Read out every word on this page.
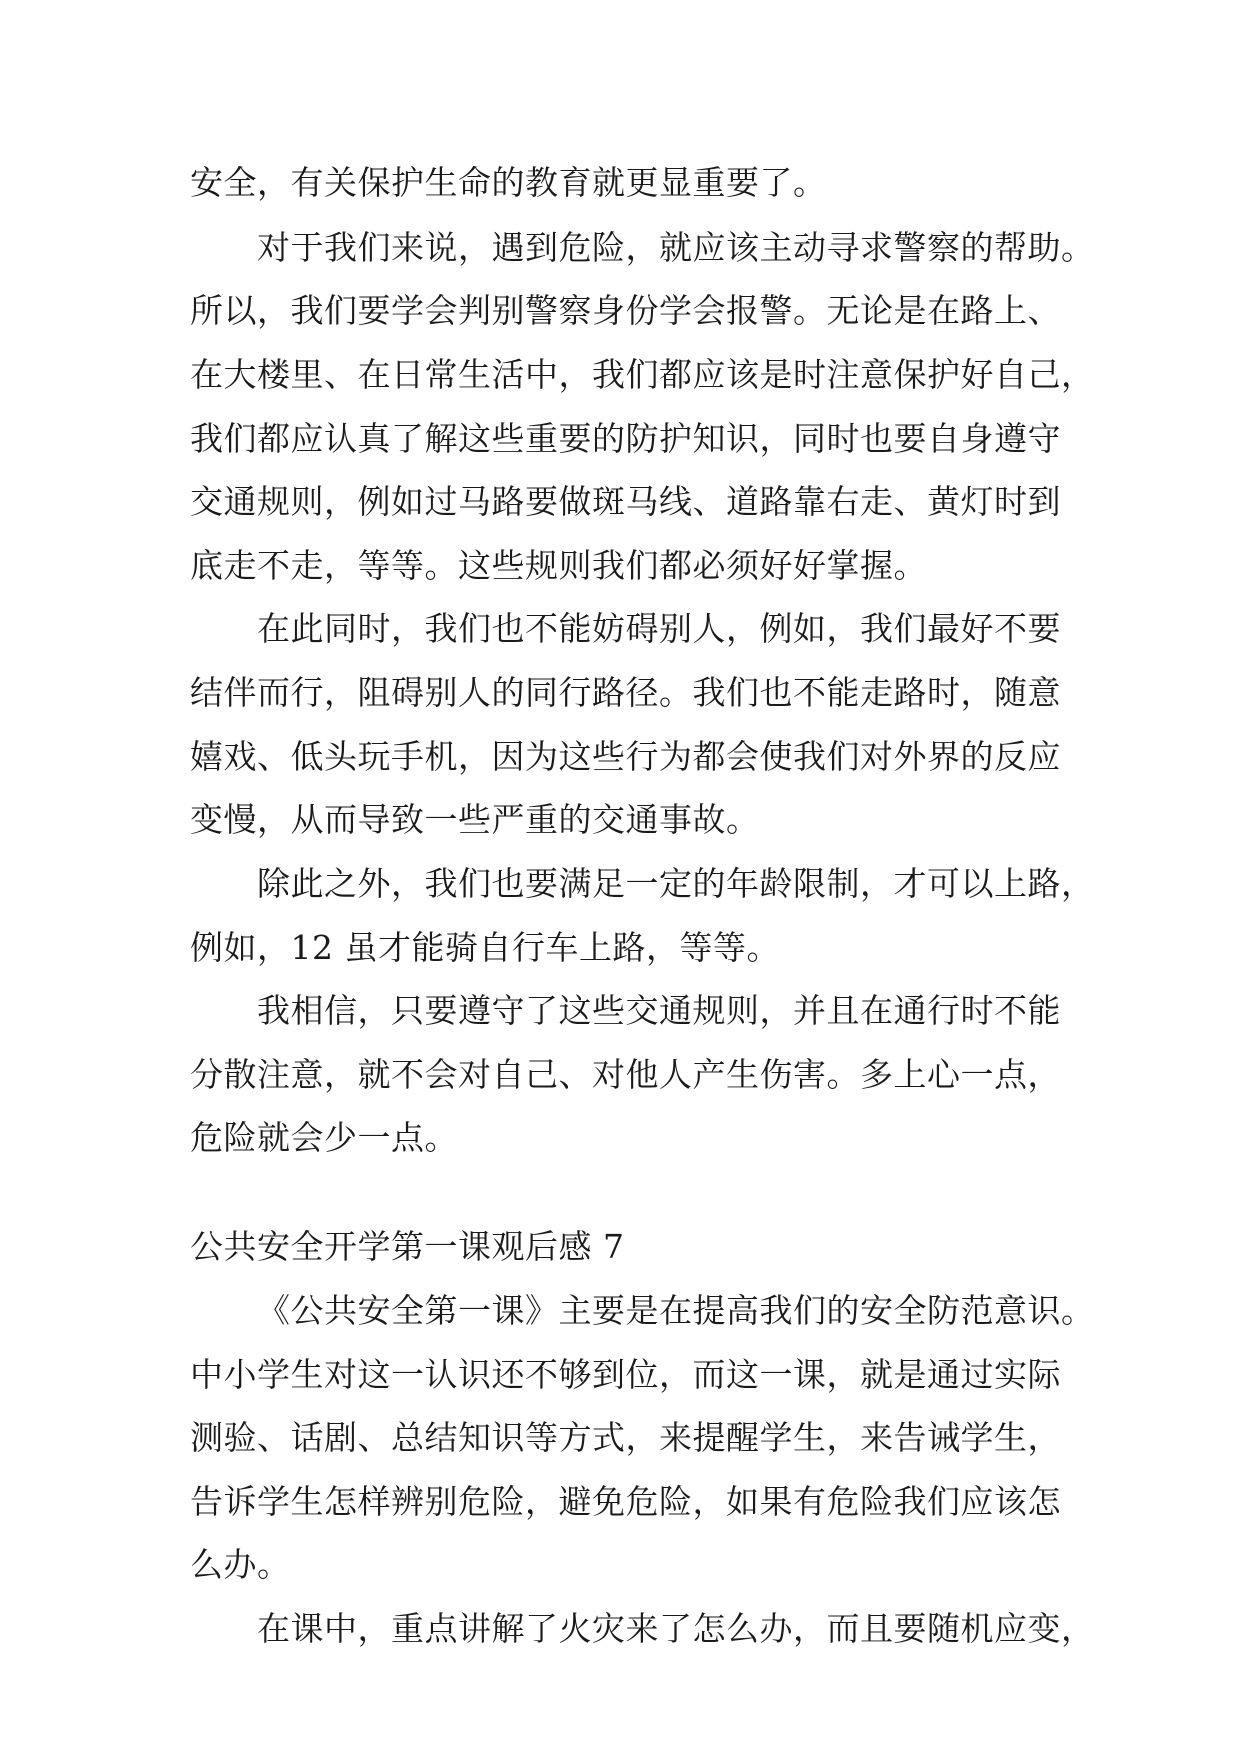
安全，有关保护生命的教育就更显重要了。
对于我们来说，遇到危险，就应该主动寻求警察的帮助。
所以，我们要学会判别警察身份学会报警。无论是在路上、
在大楼里、在日常生活中，我们都应该是时注意保护好自己，
我们都应认真了解这些重要的防护知识，同时也要自身遵守
交通规则，例如过马路要做斑马线、道路靠右走、黄灯时到
底走不走，等等。这些规则我们都必须好好掌握。
在此同时，我们也不能妨碍别人，例如，我们最好不要
结伴而行，阻碍别人的同行路径。我们也不能走路时，随意
嬉戏、低头玩手机，因为这些行为都会使我们对外界的反应
变慢，从而导致一些严重的交通事故。
除此之外，我们也要满足一定的年龄限制，才可以上路，
例如，12 虽才能骑自行车上路，等等。
我相信，只要遵守了这些交通规则，并且在通行时不能
分散注意，就不会对自己、对他人产生伤害。多上心一点，
危险就会少一点。
公共安全开学第一课观后感 7
《公共安全第一课》主要是在提高我们的安全防范意识。
中小学生对这一认识还不够到位，而这一课，就是通过实际
测验、话剧、总结知识等方式，来提醒学生，来告诫学生，
告诉学生怎样辨别危险，避免危险，如果有危险我们应该怎
么办。
在课中，重点讲解了火灾来了怎么办，而且要随机应变，
